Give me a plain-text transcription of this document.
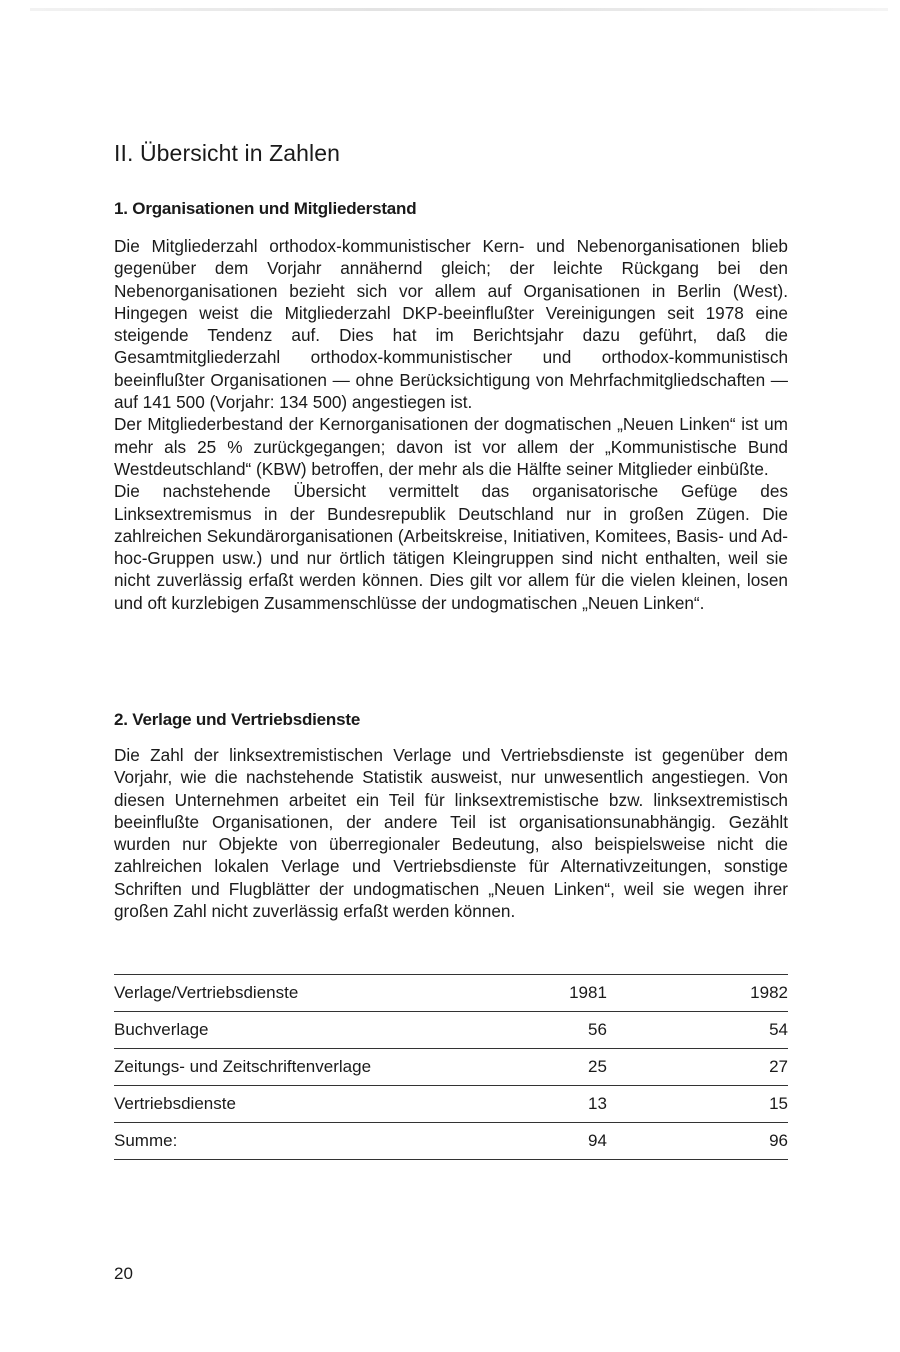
II. Übersicht in Zahlen
1. Organisationen und Mitgliederstand

Die Mitgliederzahl orthodox-kommunistischer Kern- und Nebenorganisationen blieb gegenüber dem Vorjahr annähernd gleich; der leichte Rückgang bei den Nebenorganisationen bezieht sich vor allem auf Organisationen in Berlin (West). Hingegen weist die Mitgliederzahl DKP-beeinflußter Vereinigungen seit 1978 eine steigende Tendenz auf. Dies hat im Berichtsjahr dazu geführt, daß die Gesamtmitgliederzahl orthodox-kommunistischer und orthodox-kommunistisch beeinflußter Organisationen — ohne Berücksichtigung von Mehrfachmitgliedschaften — auf 141 500 (Vorjahr: 134 500) angestiegen ist.

Der Mitgliederbestand der Kernorganisationen der dogmatischen „Neuen Linken“ ist um mehr als 25 % zurückgegangen; davon ist vor allem der „Kommunistische Bund Westdeutschland“ (KBW) betroffen, der mehr als die Hälfte seiner Mitglieder einbüßte.

Die nachstehende Übersicht vermittelt das organisatorische Gefüge des Linksextremismus in der Bundesrepublik Deutschland nur in großen Zügen. Die zahlreichen Sekundärorganisationen (Arbeitskreise, Initiativen, Komitees, Basis- und Ad-hoc-Gruppen usw.) und nur örtlich tätigen Kleingruppen sind nicht enthalten, weil sie nicht zuverlässig erfaßt werden können. Dies gilt vor allem für die vielen kleinen, losen und oft kurzlebigen Zusammenschlüsse der undogmatischen „Neuen Linken“.

2. Verlage und Vertriebsdienste

Die Zahl der linksextremistischen Verlage und Vertriebsdienste ist gegenüber dem Vorjahr, wie die nachstehende Statistik ausweist, nur unwesentlich angestiegen. Von diesen Unternehmen arbeitet ein Teil für linksextremistische bzw. linksextremistisch beeinflußte Organisationen, der andere Teil ist organisationsunabhängig. Gezählt wurden nur Objekte von überregionaler Bedeutung, also beispielsweise nicht die zahlreichen lokalen Verlage und Vertriebsdienste für Alternativzeitungen, sonstige Schriften und Flugblätter der undogmatischen „Neuen Linken“, weil sie wegen ihrer großen Zahl nicht zuverlässig erfaßt werden können.

Verlage/Vertriebsdienste	1981		1982
Buchverlage	56		54
Zeitungs- und Zeitschriftenverlage	25		27
Vertriebsdienste	13		15
Summe:	94		96
20
